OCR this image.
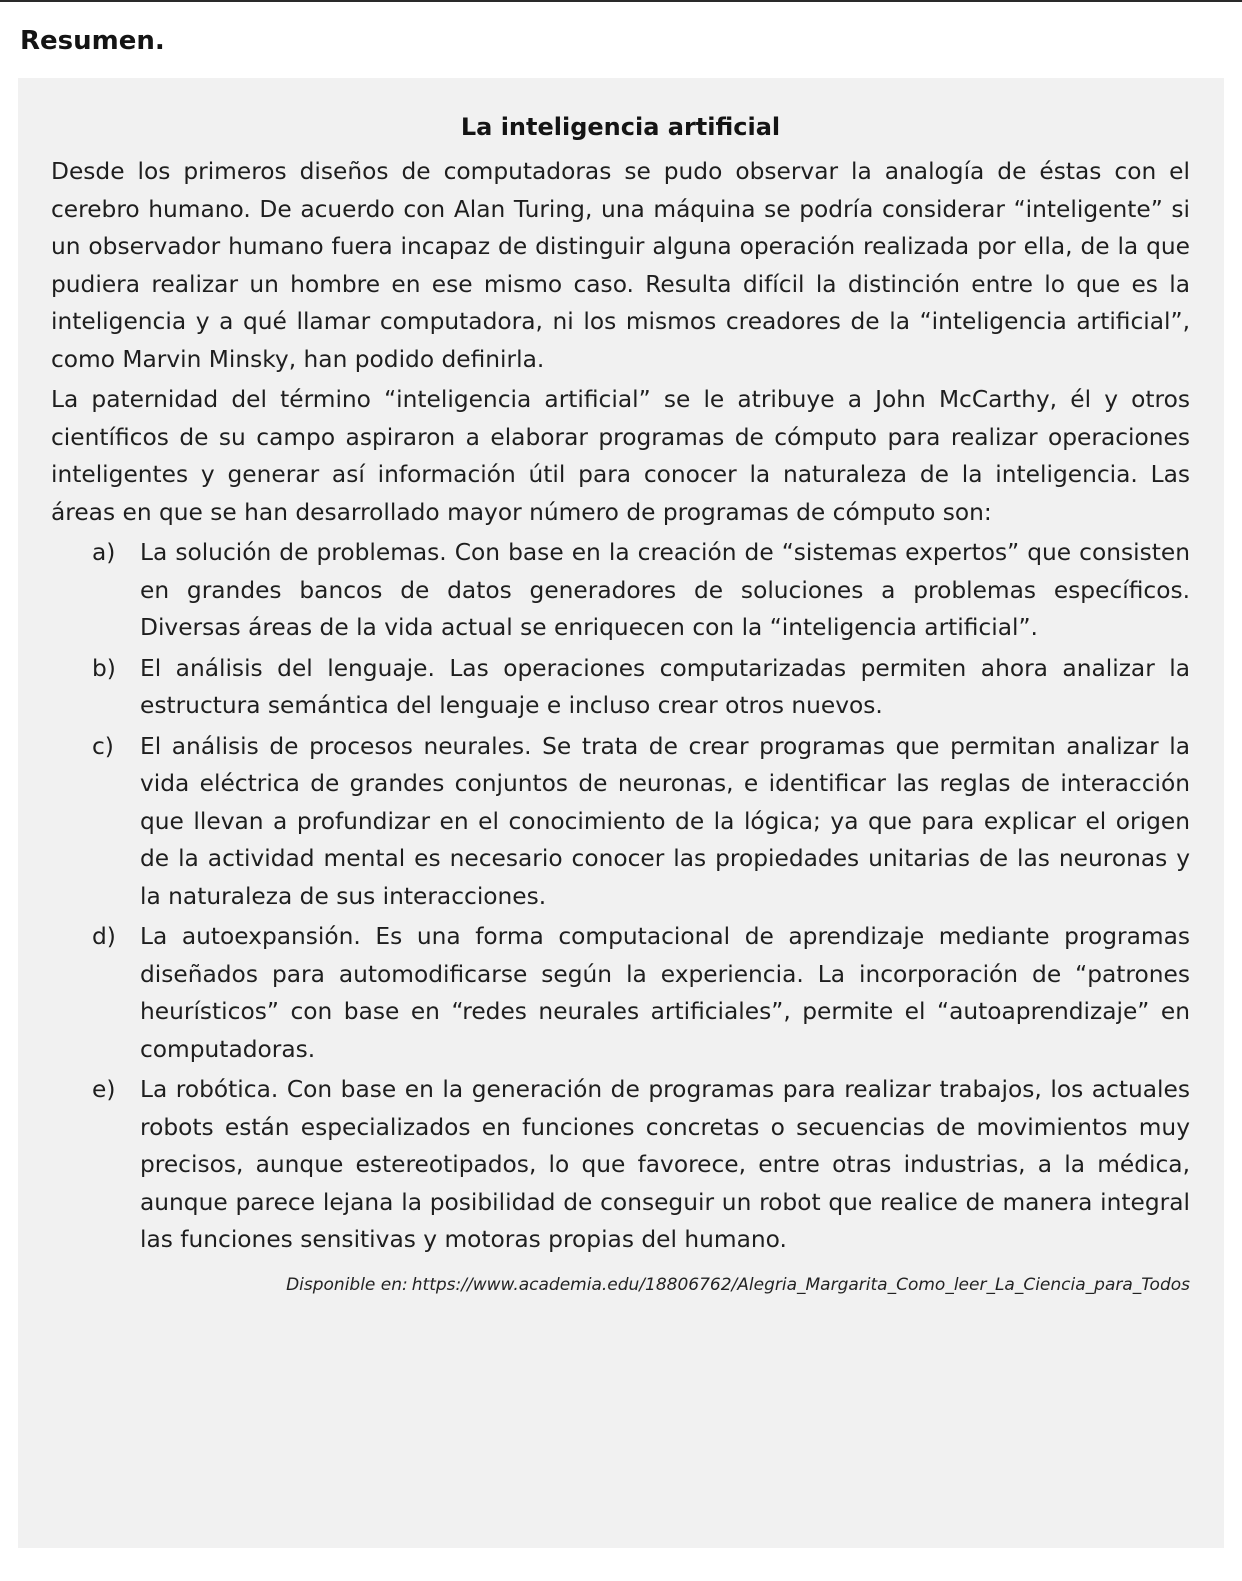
Resumen.
La inteligencia artificial

Desde los primeros diseños de computadoras se pudo observar la analogía de éstas con el cerebro humano. De acuerdo con Alan Turing, una máquina se podría considerar “inteligente” si un observador humano fuera incapaz de distinguir alguna operación realizada por ella, de la que pudiera realizar un hombre en ese mismo caso. Resulta difícil la distinción entre lo que es la inteligencia y a qué llamar computadora, ni los mismos creadores de la “inteligencia artificial”, como Marvin Minsky, han podido definirla.

La paternidad del término “inteligencia artificial” se le atribuye a John McCarthy, él y otros científicos de su campo aspiraron a elaborar programas de cómputo para realizar operaciones inteligentes y generar así información útil para conocer la naturaleza de la inteligencia. Las áreas en que se han desarrollado mayor número de programas de cómputo son:

a) La solución de problemas. Con base en la creación de “sistemas expertos” que consisten en grandes bancos de datos generadores de soluciones a problemas específicos. Diversas áreas de la vida actual se enriquecen con la “inteligencia artificial”.
b) El análisis del lenguaje. Las operaciones computarizadas permiten ahora analizar la estructura semántica del lenguaje e incluso crear otros nuevos.
c) El análisis de procesos neurales. Se trata de crear programas que permitan analizar la vida eléctrica de grandes conjuntos de neuronas, e identificar las reglas de interacción que llevan a profundizar en el conocimiento de la lógica; ya que para explicar el origen de la actividad mental es necesario conocer las propiedades unitarias de las neuronas y la naturaleza de sus interacciones.
d) La autoexpansión. Es una forma computacional de aprendizaje mediante programas diseñados para automodificarse según la experiencia. La incorporación de “patrones heurísticos” con base en “redes neurales artificiales”, permite el “autoaprendizaje” en computadoras.
e) La robótica. Con base en la generación de programas para realizar trabajos, los actuales robots están especializados en funciones concretas o secuencias de movimientos muy precisos, aunque estereotipados, lo que favorece, entre otras industrias, a la médica, aunque parece lejana la posibilidad de conseguir un robot que realice de manera integral las funciones sensitivas y motoras propias del humano.
Disponible en: https://www.academia.edu/18806762/Alegria_Margarita_Como_leer_La_Ciencia_para_Todos
